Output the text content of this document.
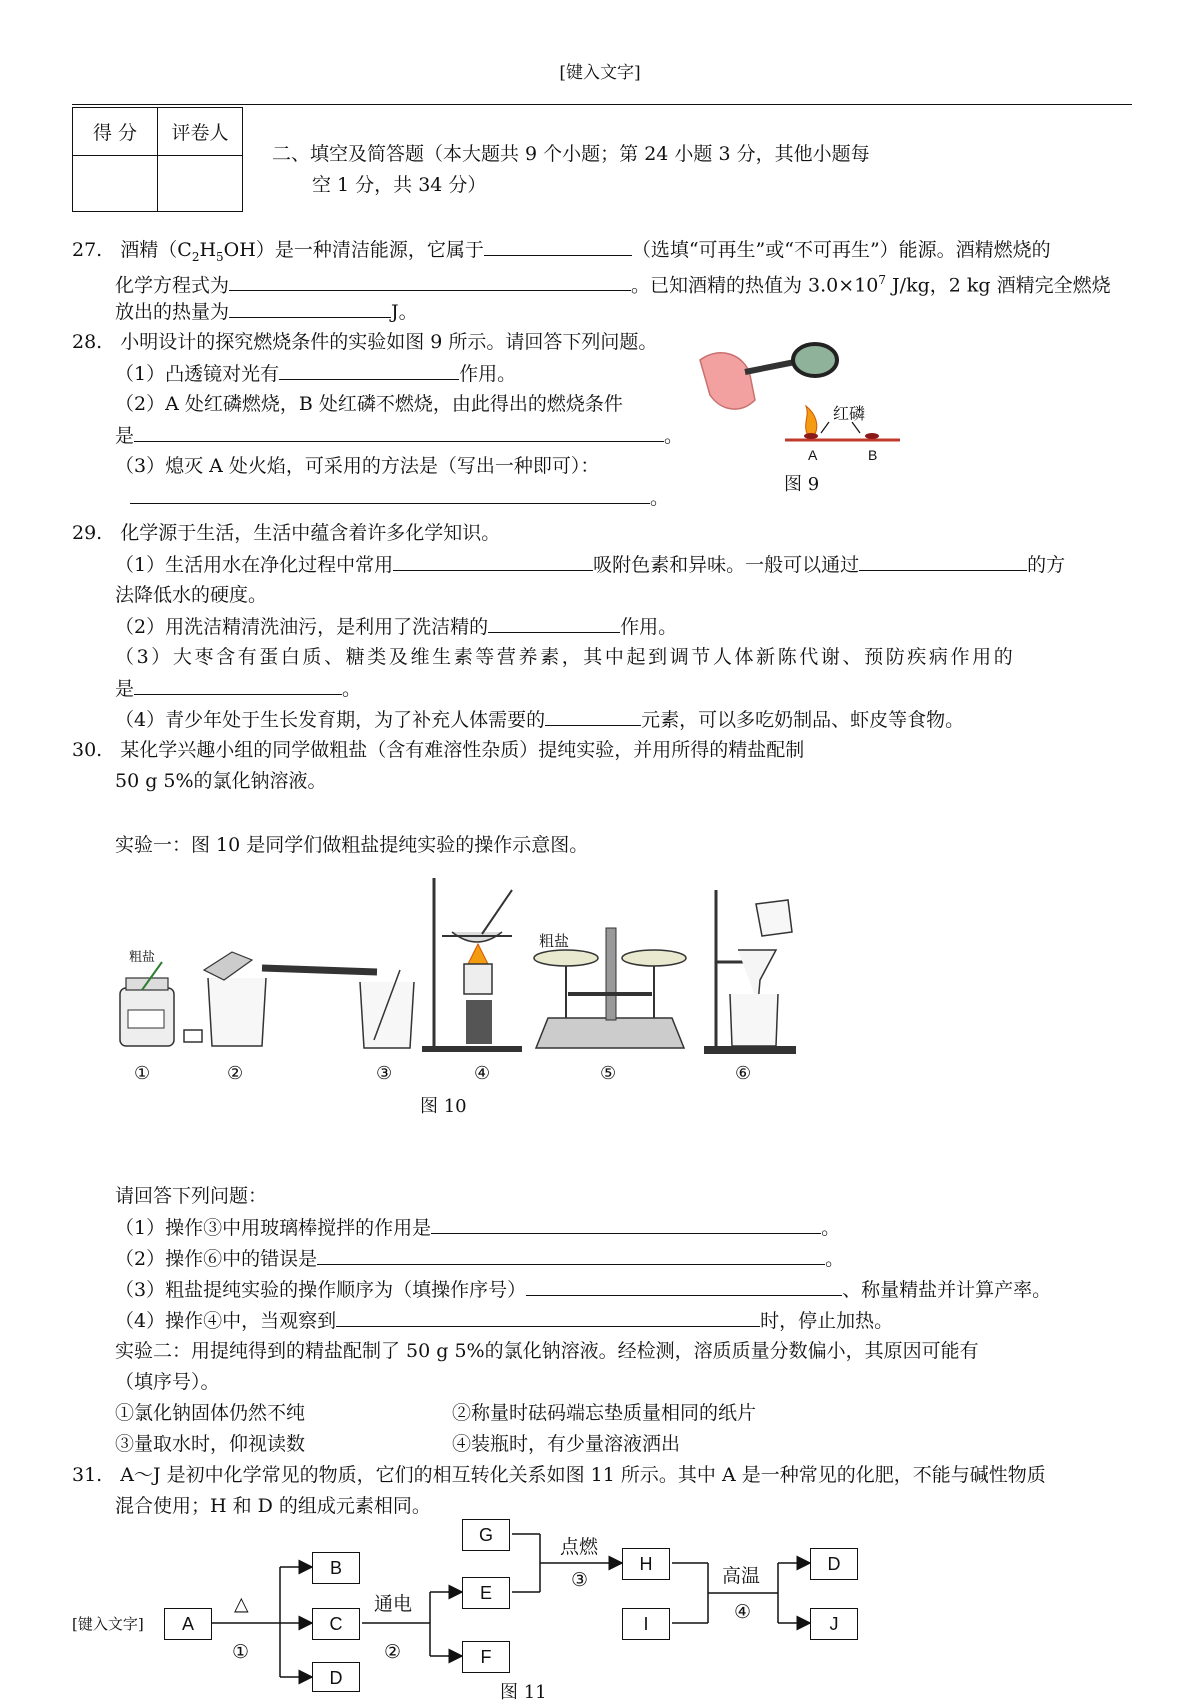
[键入文字]
得 分	评卷人

二、填空及简答题（本大题共 9 个小题；第 24 小题 3 分，其他小题每
空 1 分，共 34 分）
27. 酒精$(C_2H_5OH)$是一种清洁能源，它属于	（选填“可再生”或“不可再生”）能源。酒精燃烧的
化学方程式为	。已知酒精的热值为 $3.0\times 10^7$ J/kg，2 kg 酒精完全燃烧
放出的热量为	J。
28. 小明设计的探究燃烧条件的实验如图 9 所示。请回答下列问题。
（1）凸透镜对光有	作用。
（2）A 处红磷燃烧，B 处红磷不燃烧，由此得出的燃烧条件
是	。
（3）熄灭 A 处火焰，可采用的方法是（写出一种即可）：
。
红磷
A	B
图 9
29. 化学源于生活，生活中蕴含着许多化学知识。
（1）生活用水在净化过程中常用	吸附色素和异味。一般可以通过	的方
法降低水的硬度。
（2）用洗洁精清洗油污，是利用了洗洁精的	作用。
（3）大枣含有蛋白质、糖类及维生素等营养素，其中起到调节人体新陈代谢、预防疾病作用的
是	。
（4）青少年处于生长发育期，为了补充人体需要的	元素，可以多吃奶制品、虾皮等食物。
30. 某化学兴趣小组的同学做粗盐（含有难溶性杂质）提纯实验，并用所得的精盐配制
50 g 5%的氯化钠溶液。
实验一：图 10 是同学们做粗盐提纯实验的操作示意图。
粗盐
粗盐
①	②	③	④	⑤	⑥
图 10
请回答下列问题：
（1）操作③中用玻璃棒搅拌的作用是	。
（2）操作⑥中的错误是	。
（3）粗盐提纯实验的操作顺序为（填操作序号）	、称量精盐并计算产率。
（4）操作④中，当观察到	时，停止加热。
实验二：用提纯得到的精盐配制了 50 g 5%的氯化钠溶液。经检测，溶质质量分数偏小，其原因可能有
（填序号）。
①氯化钠固体仍然不纯	②称量时砝码端忘垫质量相同的纸片
③量取水时，仰视读数	④装瓶时，有少量溶液洒出
31. A～J 是初中化学常见的物质，它们的相互转化关系如图 11 所示。其中 A 是一种常见的化肥，不能与碱性物质
混合使用；H 和 D 的组成元素相同。
[键入文字]	A
B
C
D
G
E
F
H
I
D
J
△
①
通电
②
点燃
③	高温
④
图 11
